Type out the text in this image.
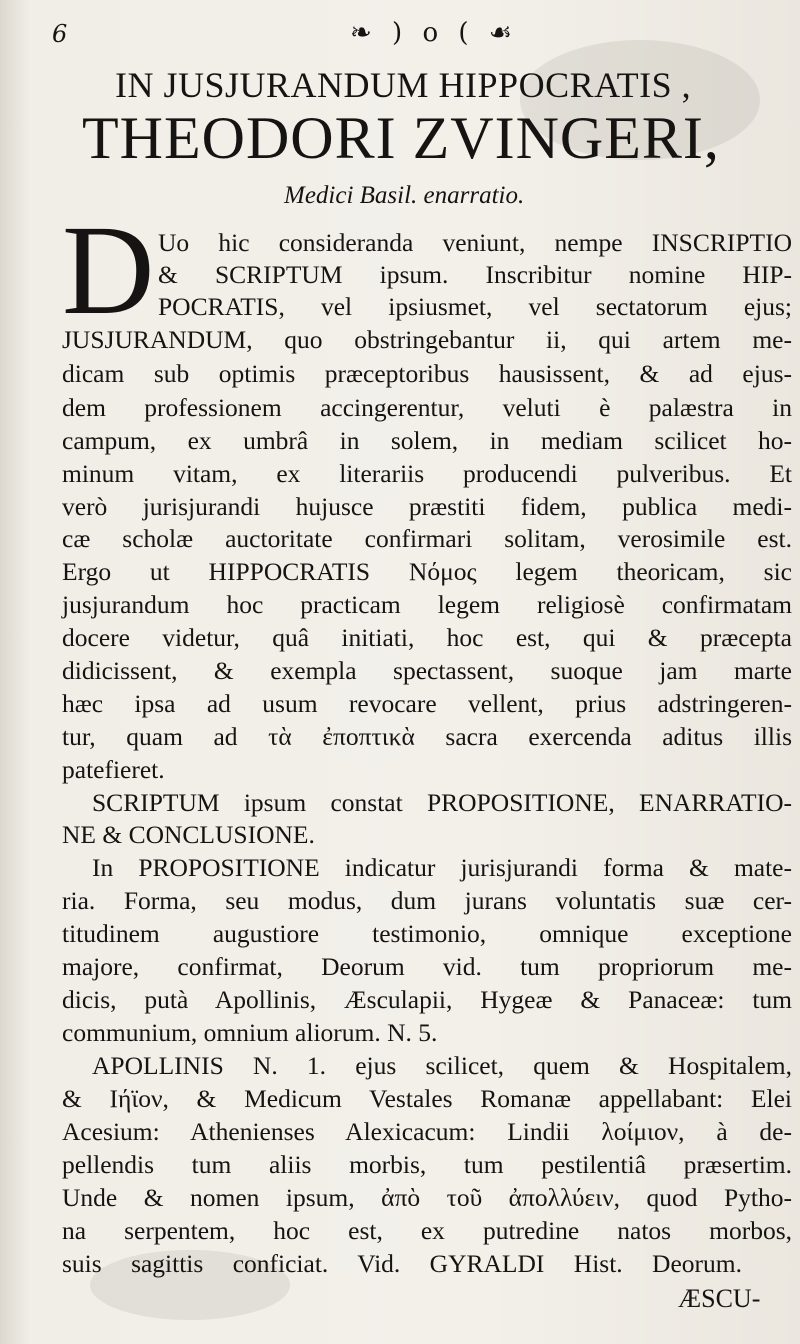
6	❧ ) o ( ☙
IN JUSJURANDUM HIPPOCRATIS ,
THEODORI ZVINGERI,
Medici Basil. enarratio.
D Uo hic consideranda veniunt, nempe INSCRIPTIO
& SCRIPTUM ipsum. Inscribitur nomine HIP-
POCRATIS, vel ipsiusmet, vel sectatorum ejus;
JUSJURANDUM, quo obstringebantur ii, qui artem me-
dicam sub optimis præceptoribus hausissent, & ad ejus-
dem professionem accingerentur, veluti è palæstra in
campum, ex umbrâ in solem, in mediam scilicet ho-
minum vitam, ex literariis producendi pulveribus. Et
verò jurisjurandi hujusce præstiti fidem, publica medi-
cæ scholæ auctoritate confirmari solitam, verosimile est.
Ergo ut HIPPOCRATIS Νόμος legem theoricam, sic
jusjurandum hoc practicam legem religiosè confirmatam
docere videtur, quâ initiati, hoc est, qui & præcepta
didicissent, & exempla spectassent, suoque jam marte
hæc ipsa ad usum revocare vellent, prius adstringeren-
tur, quam ad τὰ ἐποπτικὰ sacra exercenda aditus illis
patefieret.
SCRIPTUM ipsum constat PROPOSITIONE, ENARRATIO-
NE & CONCLUSIONE.
In PROPOSITIONE indicatur jurisjurandi forma & mate-
ria. Forma, seu modus, dum jurans voluntatis suæ cer-
titudinem augustiore testimonio, omnique exceptione
majore, confirmat, Deorum vid. tum propriorum me-
dicis, putà Apollinis, Æsculapii, Hygeæ & Panaceæ: tum
communium, omnium aliorum. N. 5.
APOLLINIS N. 1. ejus scilicet, quem & Hospitalem,
& Ιήϊον, & Medicum Vestales Romanæ appellabant: Elei
Acesium: Athenienses Alexicacum: Lindii λοίμιον, à de-
pellendis tum aliis morbis, tum pestilentiâ præsertim.
Unde & nomen ipsum, ἀπὸ τοῦ ἀπολλύειν, quod Pytho-
na serpentem, hoc est, ex putredine natos morbos,
suis sagittis conficiat. Vid. GYRALDI Hist. Deorum.
ÆSCU-
